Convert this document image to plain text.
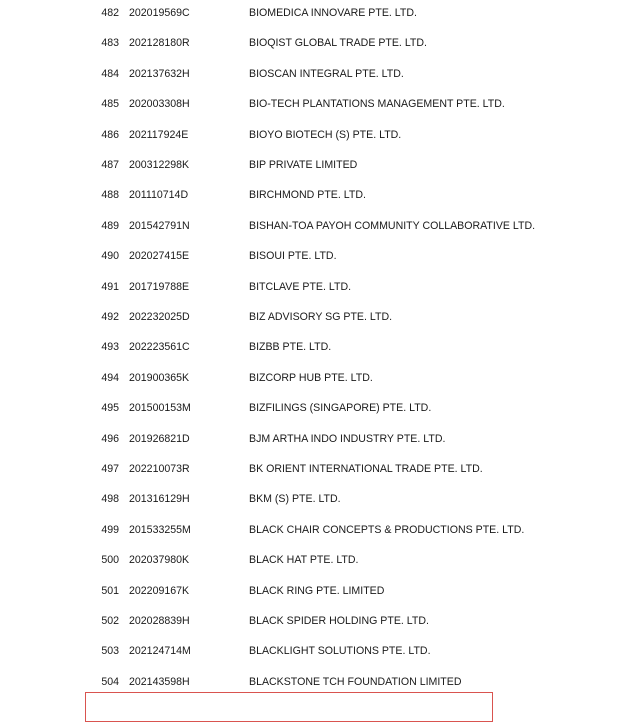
482 202019569C	BIOMEDICA INNOVARE PTE. LTD.
483 202128180R	BIOQIST GLOBAL TRADE PTE. LTD.
484 202137632H	BIOSCAN INTEGRAL PTE. LTD.
485 202003308H	BIO-TECH PLANTATIONS MANAGEMENT PTE. LTD.
486 202117924E	BIOYO BIOTECH (S) PTE. LTD.
487 200312298K	BIP PRIVATE LIMITED
488 201110714D	BIRCHMOND PTE. LTD.
489 201542791N	BISHAN-TOA PAYOH COMMUNITY COLLABORATIVE LTD.
490 202027415E	BISOUI PTE. LTD.
491 201719788E	BITCLAVE PTE. LTD.
492 202232025D	BIZ ADVISORY SG PTE. LTD.
493 202223561C	BIZBB PTE. LTD.
494 201900365K	BIZCORP HUB PTE. LTD.
495 201500153M	BIZFILINGS (SINGAPORE) PTE. LTD.
496 201926821D	BJM ARTHA INDO INDUSTRY PTE. LTD.
497 202210073R	BK ORIENT INTERNATIONAL TRADE PTE. LTD.
498 201316129H	BKM (S) PTE. LTD.
499 201533255M	BLACK CHAIR CONCEPTS & PRODUCTIONS PTE. LTD.
500 202037980K	BLACK HAT PTE. LTD.
501 202209167K	BLACK RING PTE. LIMITED
502 202028839H	BLACK SPIDER HOLDING PTE. LTD.
503 202124714M	BLACKLIGHT SOLUTIONS PTE. LTD.
504 202143598H	BLACKSTONE TCH FOUNDATION LIMITED
